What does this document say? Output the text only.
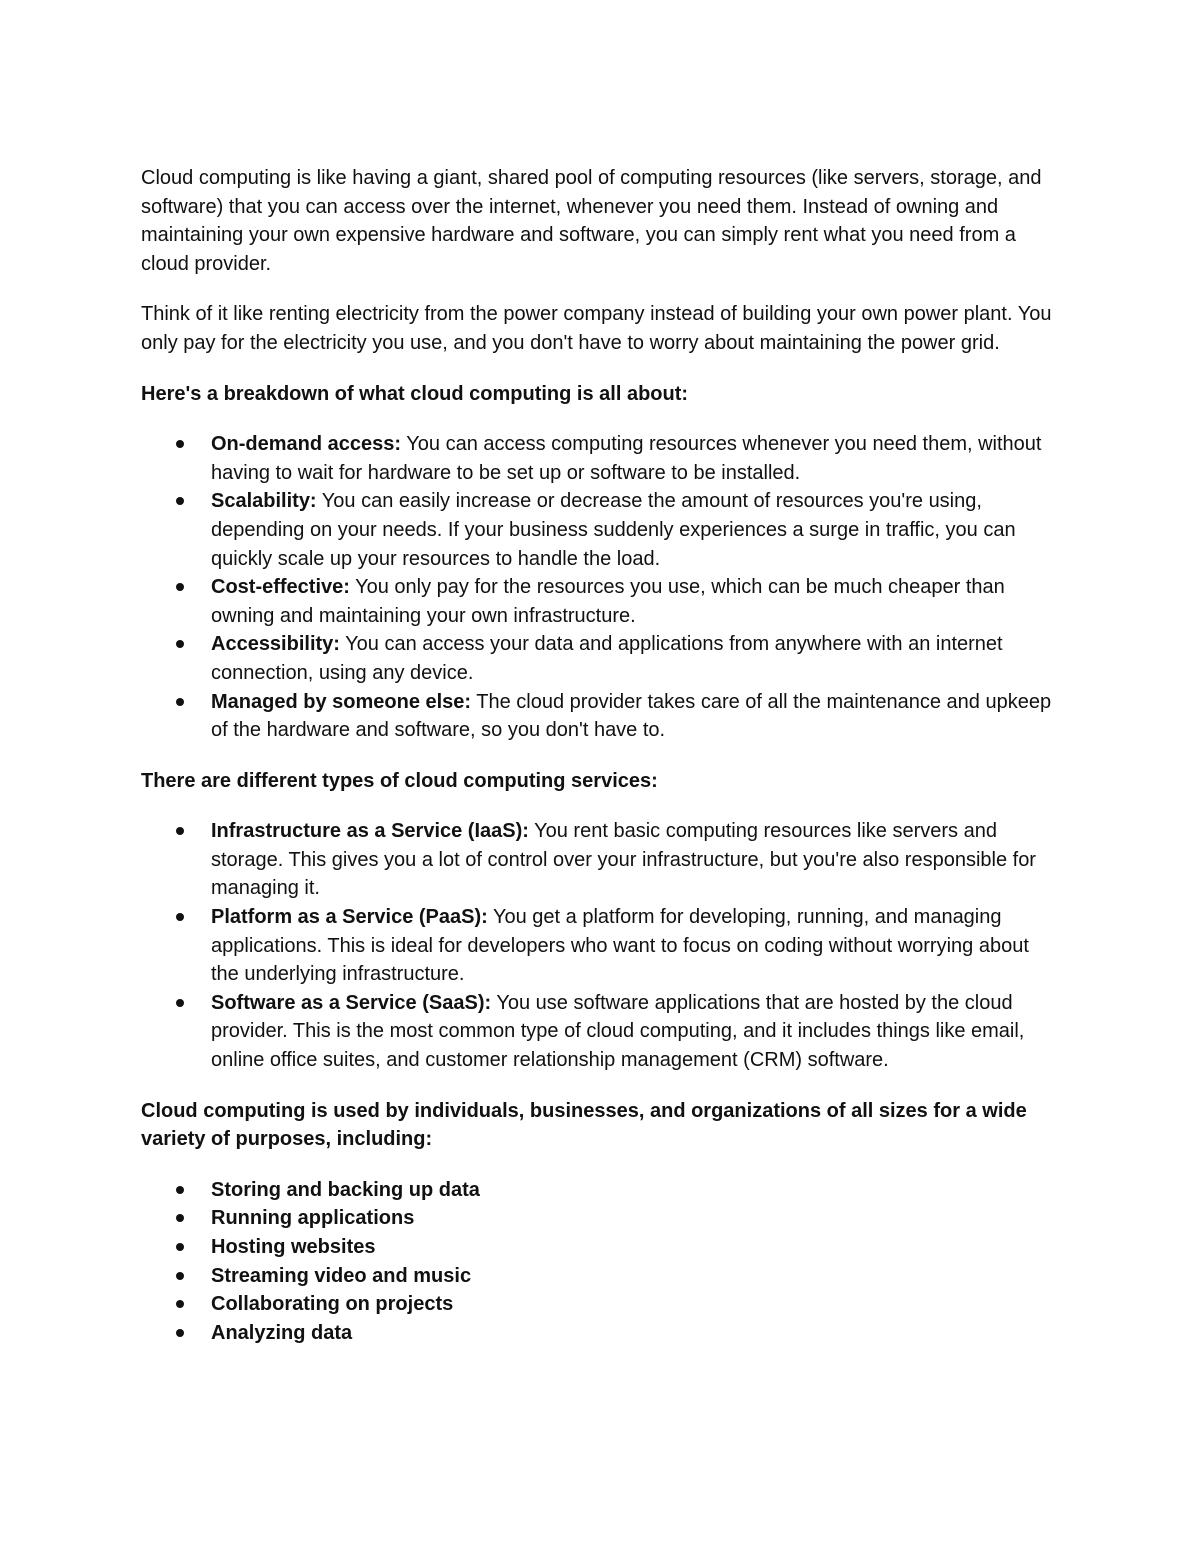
Cloud computing is like having a giant, shared pool of computing resources (like servers, storage, and software) that you can access over the internet, whenever you need them. Instead of owning and maintaining your own expensive hardware and software, you can simply rent what you need from a cloud provider.

Think of it like renting electricity from the power company instead of building your own power plant. You only pay for the electricity you use, and you don't have to worry about maintaining the power grid.

Here's a breakdown of what cloud computing is all about:
On-demand access: You can access computing resources whenever you need them, without having to wait for hardware to be set up or software to be installed.
Scalability: You can easily increase or decrease the amount of resources you're using, depending on your needs. If your business suddenly experiences a surge in traffic, you can quickly scale up your resources to handle the load.
Cost-effective: You only pay for the resources you use, which can be much cheaper than owning and maintaining your own infrastructure.
Accessibility: You can access your data and applications from anywhere with an internet connection, using any device.
Managed by someone else: The cloud provider takes care of all the maintenance and upkeep of the hardware and software, so you don't have to.
There are different types of cloud computing services:
Infrastructure as a Service (IaaS): You rent basic computing resources like servers and storage. This gives you a lot of control over your infrastructure, but you're also responsible for managing it.
Platform as a Service (PaaS): You get a platform for developing, running, and managing applications. This is ideal for developers who want to focus on coding without worrying about the underlying infrastructure.
Software as a Service (SaaS): You use software applications that are hosted by the cloud provider. This is the most common type of cloud computing, and it includes things like email, online office suites, and customer relationship management (CRM) software.
Cloud computing is used by individuals, businesses, and organizations of all sizes for a wide variety of purposes, including:
Storing and backing up data
Running applications
Hosting websites
Streaming video and music
Collaborating on projects
Analyzing data
